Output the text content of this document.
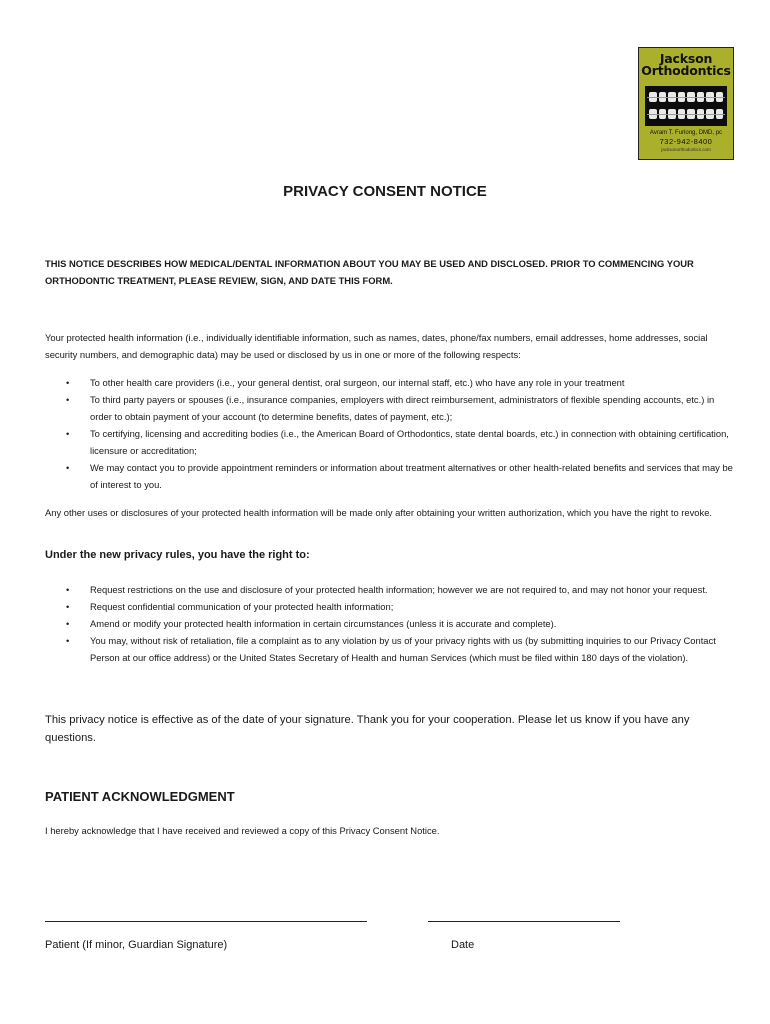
Jackson
Orthodontics
Avram T. Furlong, DMD, pc
732-942-8400
jacksonorthodontics.com
PRIVACY CONSENT NOTICE
THIS NOTICE DESCRIBES HOW MEDICAL/DENTAL INFORMATION ABOUT YOU MAY BE USED AND DISCLOSED. PRIOR TO COMMENCING YOUR ORTHODONTIC TREATMENT, PLEASE REVIEW, SIGN, AND DATE THIS FORM.
Your protected health information (i.e., individually identifiable information, such as names, dates, phone/fax numbers, email addresses, home addresses, social security numbers, and demographic data) may be used or disclosed by us in one or more of the following respects:
• To other health care providers (i.e., your general dentist, oral surgeon, our internal staff, etc.) who have any role in your treatment
• To third party payers or spouses (i.e., insurance companies, employers with direct reimbursement, administrators of flexible spending accounts, etc.) in order to obtain payment of your account (to determine benefits, dates of payment, etc.);
• To certifying, licensing and accrediting bodies (i.e., the American Board of Orthodontics, state dental boards, etc.) in connection with obtaining certification, licensure or accreditation;
• We may contact you to provide appointment reminders or information about treatment alternatives or other health-related benefits and services that may be of interest to you.
Any other uses or disclosures of your protected health information will be made only after obtaining your written authorization, which you have the right to revoke.
Under the new privacy rules, you have the right to:
• Request restrictions on the use and disclosure of your protected health information; however we are not required to, and may not honor your request.
• Request confidential communication of your protected health information;
• Amend or modify your protected health information in certain circumstances (unless it is accurate and complete).
• You may, without risk of retaliation, file a complaint as to any violation by us of your privacy rights with us (by submitting inquiries to our Privacy Contact Person at our office address) or the United States Secretary of Health and human Services (which must be filed within 180 days of the violation).
This privacy notice is effective as of the date of your signature. Thank you for your cooperation. Please let us know if you have any questions.
PATIENT ACKNOWLEDGMENT
I hereby acknowledge that I have received and reviewed a copy of this Privacy Consent Notice.
Patient (If minor, Guardian Signature)	Date
